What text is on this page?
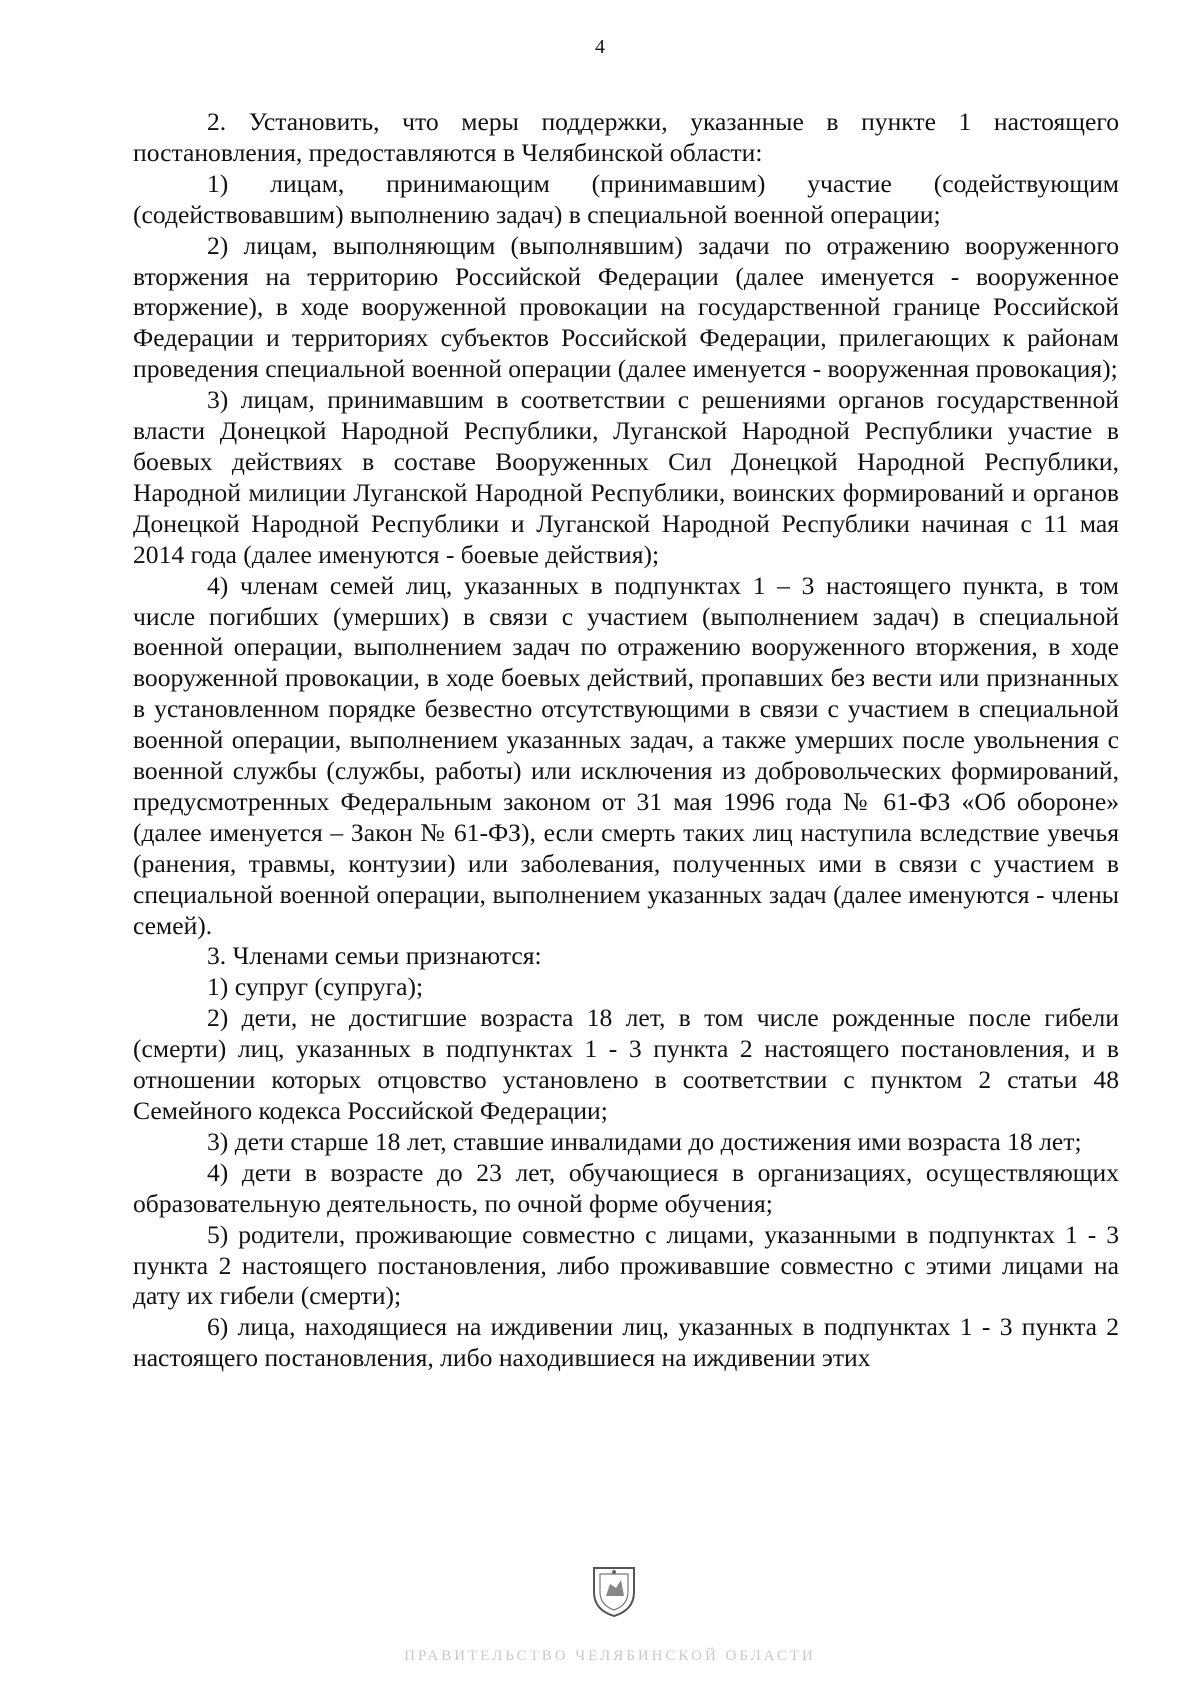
4

2. Установить, что меры поддержки, указанные в пункте 1 настоящего постановления, предоставляются в Челябинской области:

1) лицам, принимающим (принимавшим) участие (содействующим (содействовавшим) выполнению задач) в специальной военной операции;

2) лицам, выполняющим (выполнявшим) задачи по отражению вооруженного вторжения на территорию Российской Федерации (далее именуется - вооруженное вторжение), в ходе вооруженной провокации на государственной границе Российской Федерации и территориях субъектов Российской Федерации, прилегающих к районам проведения специальной военной операции (далее именуется - вооруженная провокация);

3) лицам, принимавшим в соответствии с решениями органов государственной власти Донецкой Народной Республики, Луганской Народной Республики участие в боевых действиях в составе Вооруженных Сил Донецкой Народной Республики, Народной милиции Луганской Народной Республики, воинских формирований и органов Донецкой Народной Республики и Луганской Народной Республики начиная с 11 мая 2014 года (далее именуются - боевые действия);

4) членам семей лиц, указанных в подпунктах 1 – 3 настоящего пункта, в том числе погибших (умерших) в связи с участием (выполнением задач) в специальной военной операции, выполнением задач по отражению вооруженного вторжения, в ходе вооруженной провокации, в ходе боевых действий, пропавших без вести или признанных в установленном порядке безвестно отсутствующими в связи с участием в специальной военной операции, выполнением указанных задач, а также умерших после увольнения с военной службы (службы, работы) или исключения из добровольческих формирований, предусмотренных Федеральным законом от 31 мая 1996 года № 61-ФЗ «Об обороне» (далее именуется – Закон № 61-ФЗ), если смерть таких лиц наступила вследствие увечья (ранения, травмы, контузии) или заболевания, полученных ими в связи с участием в специальной военной операции, выполнением указанных задач (далее именуются - члены семей).

3. Членами семьи признаются:

1) супруг (супруга);

2) дети, не достигшие возраста 18 лет, в том числе рожденные после гибели (смерти) лиц, указанных в подпунктах 1 - 3 пункта 2 настоящего постановления, и в отношении которых отцовство установлено в соответствии с пунктом 2 статьи 48 Семейного кодекса Российской Федерации;

3) дети старше 18 лет, ставшие инвалидами до достижения ими возраста 18 лет;

4) дети в возрасте до 23 лет, обучающиеся в организациях, осуществляющих образовательную деятельность, по очной форме обучения;

5) родители, проживающие совместно с лицами, указанными в подпунктах 1 - 3 пункта 2 настоящего постановления, либо проживавшие совместно с этими лицами на дату их гибели (смерти);

6) лица, находящиеся на иждивении лиц, указанных в подпунктах 1 - 3 пункта 2 настоящего постановления, либо находившиеся на иждивении этих

ПРАВИТЕЛЬСТВО ЧЕЛЯБИНСКОЙ ОБЛАСТИ
